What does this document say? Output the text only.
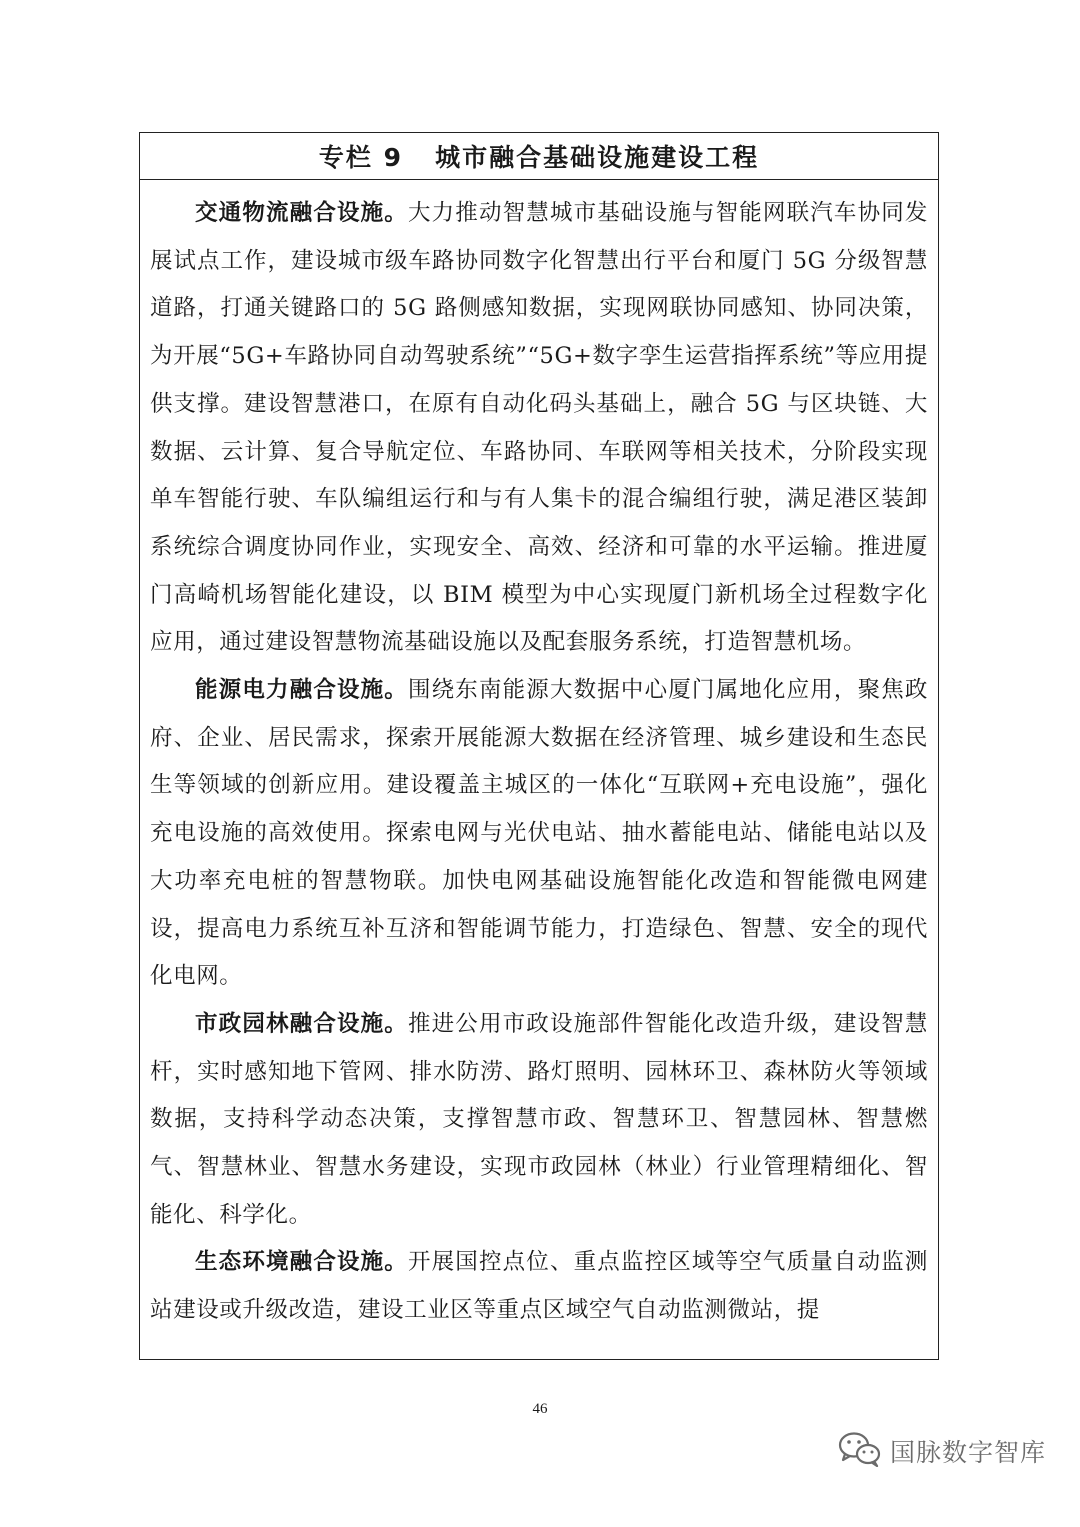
专栏 9   城市融合基础设施建设工程

交通物流融合设施。大力推动智慧城市基础设施与智能网联汽车协同发展试点工作，建设城市级车路协同数字化智慧出行平台和厦门 5G 分级智慧道路，打通关键路口的 5G 路侧感知数据，实现网联协同感知、协同决策，为开展“5G+车路协同自动驾驶系统”“5G+数字孪生运营指挥系统”等应用提供支撑。建设智慧港口，在原有自动化码头基础上，融合 5G 与区块链、大数据、云计算、复合导航定位、车路协同、车联网等相关技术，分阶段实现单车智能行驶、车队编组运行和与有人集卡的混合编组行驶，满足港区装卸系统综合调度协同作业，实现安全、高效、经济和可靠的水平运输。推进厦门高崎机场智能化建设，以 BIM 模型为中心实现厦门新机场全过程数字化应用，通过建设智慧物流基础设施以及配套服务系统，打造智慧机场。

能源电力融合设施。围绕东南能源大数据中心厦门属地化应用，聚焦政府、企业、居民需求，探索开展能源大数据在经济管理、城乡建设和生态民生等领域的创新应用。建设覆盖主城区的一体化“互联网+充电设施”，强化充电设施的高效使用。探索电网与光伏电站、抽水蓄能电站、储能电站以及大功率充电桩的智慧物联。加快电网基础设施智能化改造和智能微电网建设，提高电力系统互补互济和智能调节能力，打造绿色、智慧、安全的现代化电网。

市政园林融合设施。推进公用市政设施部件智能化改造升级，建设智慧杆，实时感知地下管网、排水防涝、路灯照明、园林环卫、森林防火等领域数据，支持科学动态决策，支撑智慧市政、智慧环卫、智慧园林、智慧燃气、智慧林业、智慧水务建设，实现市政园林（林业）行业管理精细化、智能化、科学化。

生态环境融合设施。开展国控点位、重点监控区域等空气质量自动监测站建设或升级改造，建设工业区等重点区域空气自动监测微站，提

46
国脉数字智库
